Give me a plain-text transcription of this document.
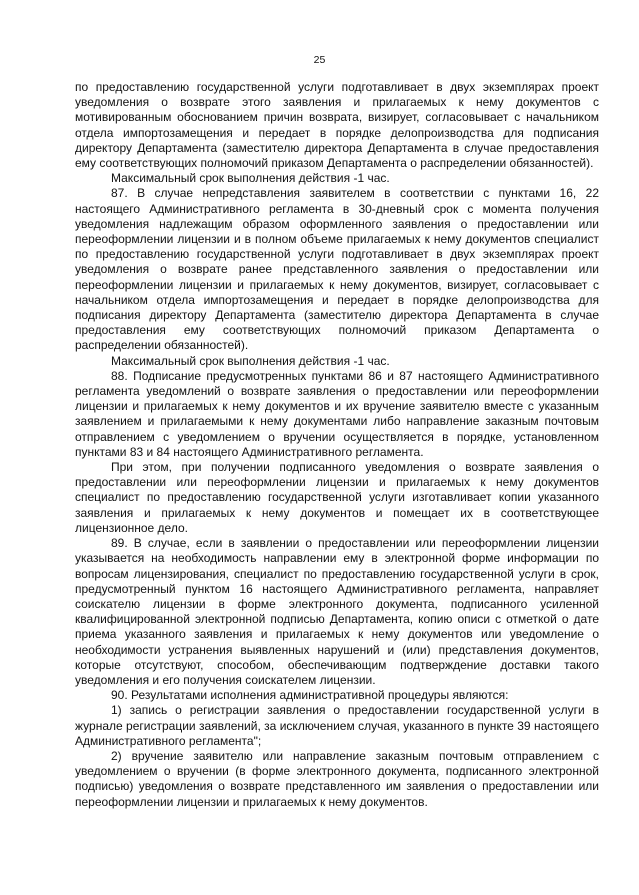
25

по предоставлению государственной услуги подготавливает в двух экземплярах проект уведомления о возврате этого заявления и прилагаемых к нему документов с мотивированным обоснованием причин возврата, визирует, согласовывает с начальником отдела импортозамещения и передает в порядке делопроизводства для подписания директору Департамента (заместителю директора Департамента в случае предоставления ему соответствующих полномочий приказом Департамента о распределении обязанностей).

Максимальный срок выполнения действия -1 час.

87. В случае непредставления заявителем в соответствии с пунктами 16, 22 настоящего Административного регламента в 30-дневный срок с момента получения уведомления надлежащим образом оформленного заявления о предоставлении или переоформлении лицензии и в полном объеме прилагаемых к нему документов специалист по предоставлению государственной услуги подготавливает в двух экземплярах проект уведомления о возврате ранее представленного заявления о предоставлении или переоформлении лицензии и прилагаемых к нему документов, визирует, согласовывает с начальником отдела импортозамещения и передает в порядке делопроизводства для подписания директору Департамента (заместителю директора Департамента в случае предоставления ему соответствующих полномочий приказом Департамента о распределении обязанностей).

Максимальный срок выполнения действия -1 час.

88. Подписание предусмотренных пунктами 86 и 87 настоящего Административного регламента уведомлений о возврате заявления о предоставлении или переоформлении лицензии и прилагаемых к нему документов и их вручение заявителю вместе с указанным заявлением и прилагаемыми к нему документами либо направление заказным почтовым отправлением с уведомлением о вручении осуществляется в порядке, установленном пунктами 83 и 84 настоящего Административного регламента.

При этом, при получении подписанного уведомления о возврате заявления о предоставлении или переоформлении лицензии и прилагаемых к нему документов специалист по предоставлению государственной услуги изготавливает копии указанного заявления и прилагаемых к нему документов и помещает их в соответствующее лицензионное дело.

89. В случае, если в заявлении о предоставлении или переоформлении лицензии указывается на необходимость направлении ему в электронной форме информации по вопросам лицензирования, специалист по предоставлению государственной услуги в срок, предусмотренный пунктом 16 настоящего Административного регламента, направляет соискателю лицензии в форме электронного документа, подписанного усиленной квалифицированной электронной подписью Департамента, копию описи с отметкой о дате приема указанного заявления и прилагаемых к нему документов или уведомление о необходимости устранения выявленных нарушений и (или) представления документов, которые отсутствуют, способом, обеспечивающим подтверждение доставки такого уведомления и его получения соискателем лицензии.

90. Результатами исполнения административной процедуры являются:

1) запись о регистрации заявления о предоставлении государственной услуги в журнале регистрации заявлений, за исключением случая, указанного в пункте 39 настоящего Административного регламента";

2) вручение заявителю или направление заказным почтовым отправлением с уведомлением о вручении (в форме электронного документа, подписанного электронной подписью) уведомления о возврате представленного им заявления о предоставлении или переоформлении лицензии и прилагаемых к нему документов.
